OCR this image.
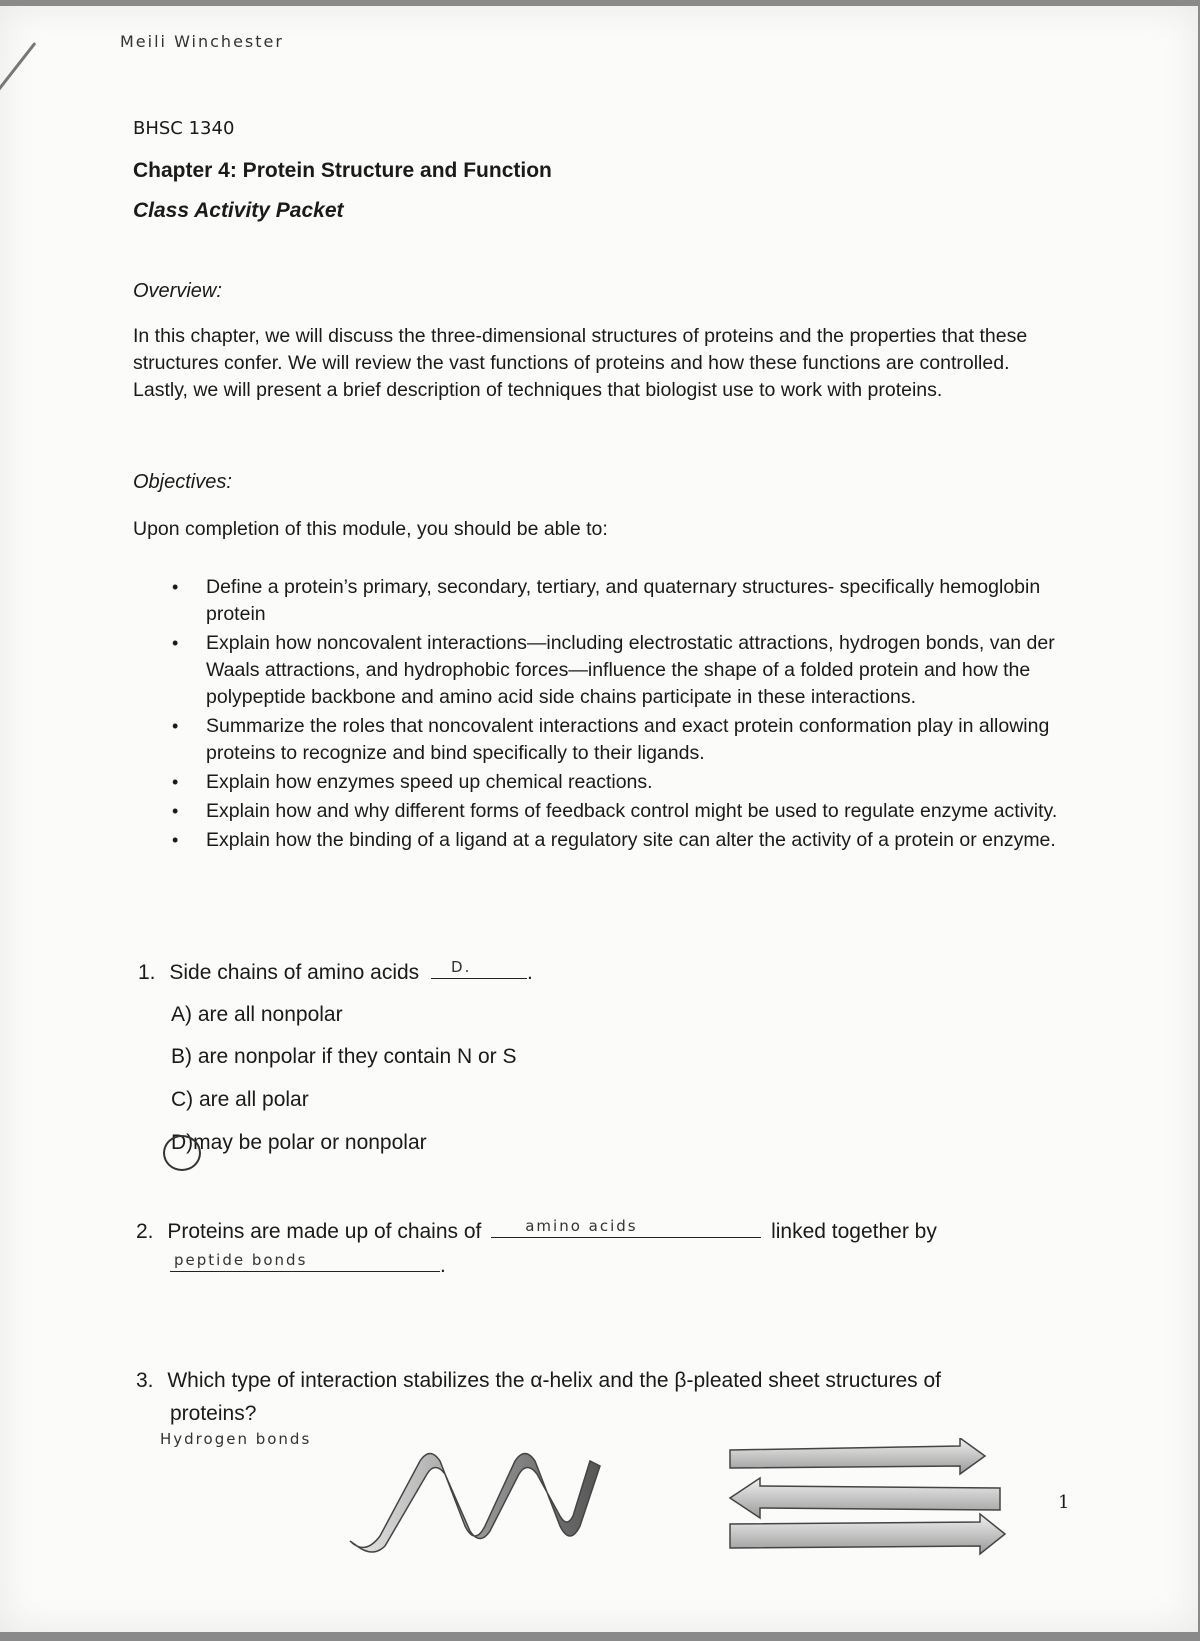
Meili Winchester
BHSC 1340
Chapter 4: Protein Structure and Function
Class Activity Packet
Overview:
In this chapter, we will discuss the three-dimensional structures of proteins and the properties that these structures confer. We will review the vast functions of proteins and how these functions are controlled. Lastly, we will present a brief description of techniques that biologist use to work with proteins.
Objectives:
Upon completion of this module, you should be able to:
• Define a protein’s primary, secondary, tertiary, and quaternary structures- specifically hemoglobin protein
• Explain how noncovalent interactions—including electrostatic attractions, hydrogen bonds, van der Waals attractions, and hydrophobic forces—influence the shape of a folded protein and how the polypeptide backbone and amino acid side chains participate in these interactions.
• Summarize the roles that noncovalent interactions and exact protein conformation play in allowing proteins to recognize and bind specifically to their ligands.
• Explain how enzymes speed up chemical reactions.
• Explain how and why different forms of feedback control might be used to regulate enzyme activity.
• Explain how the binding of a ligand at a regulatory site can alter the activity of a protein or enzyme.
1. Side chains of amino acids D.	.
A) are all nonpolar
B) are nonpolar if they contain N or S
C) are all polar
D)may be polar or nonpolar
2. Proteins are made up of chains of	amino acids	linked together by
peptide bonds	.
3. Which type of interaction stabilizes the α-helix and the β-pleated sheet structures of
proteins?
Hydrogen bonds
1
